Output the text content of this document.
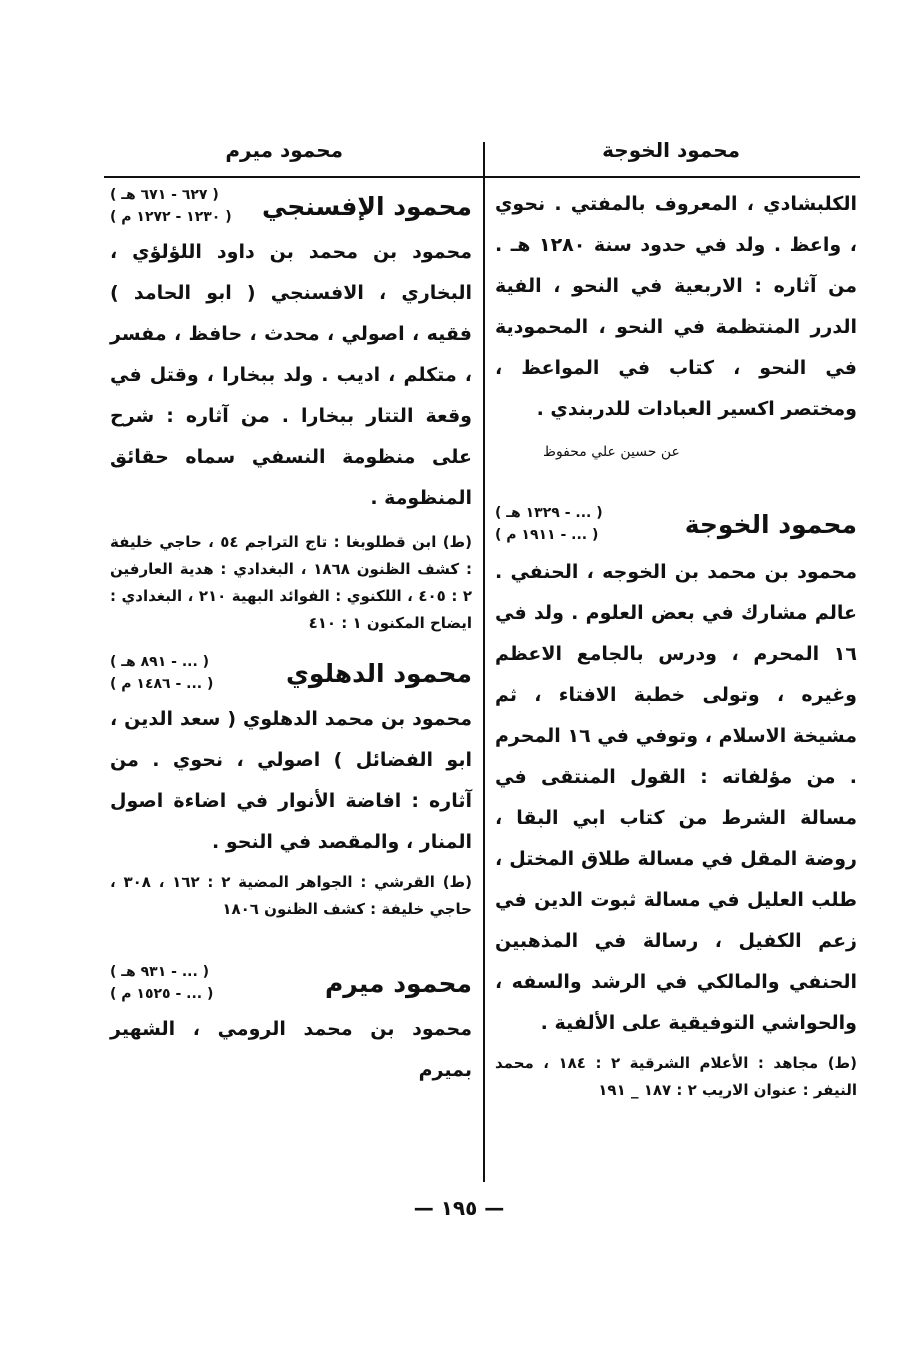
محمود الخوجة
محمود ميرم

الكلبشادي ، المعروف بالمفتي . نحوي ، واعظ . ولد في حدود سنة ١٢٨٠ هـ . من آثاره : الاربعية في النحو ، الفية الدرر المنتظمة في النحو ، المحمودية في النحو ، كتاب في المواعظ ، ومختصر اكسير العبادات للدربندي .

عن حسين علي محفوظ

محمود الخوجة
( ... - ١٣٢٩ هـ )
( ... - ١٩١١ م )

محمود بن محمد بن الخوجه ، الحنفي . عالم مشارك في بعض العلوم . ولد في ١٦ المحرم ، ودرس بالجامع الاعظم وغيره ، وتولى خطبة الافتاء ، ثم مشيخة الاسلام ، وتوفي في ١٦ المحرم . من مؤلفاته : القول المنتقى في مسالة الشرط من كتاب ابي البقا ، روضة المقل في مسالة طلاق المختل ، طلب العليل في مسالة ثبوت الدين في زعم الكفيل ، رسالة في المذهبين الحنفي والمالكي في الرشد والسفه ، والحواشي التوفيقية على الألفية .

(ط) مجاهد : الأعلام الشرقية ٢ : ١٨٤ ، محمد النيفر : عنوان الاريب ٢ : ١٨٧ _ ١٩١

محمود الإفسنجي
( ٦٢٧ - ٦٧١ هـ )
( ١٢٣٠ - ١٢٧٢ م )

محمود بن محمد بن داود اللؤلؤي ، البخاري ، الافسنجي ( ابو الحامد ) فقيه ، اصولي ، محدث ، حافظ ، مفسر ، متكلم ، اديب . ولد ببخارا ، وقتل في وقعة التتار ببخارا . من آثاره : شرح على منظومة النسفي سماه حقائق المنظومة .

(ط) ابن قطلوبغا : تاج التراجم ٥٤ ، حاجي خليفة : كشف الظنون ١٨٦٨ ، البغدادي : هدية العارفين ٢ : ٤٠٥ ، اللكنوي : الفوائد البهية ٢١٠ ، البغدادي : ايضاح المكنون ١ : ٤١٠

محمود الدهلوي
( ... - ٨٩١ هـ )
( ... - ١٤٨٦ م )

محمود بن محمد الدهلوي ( سعد الدين ، ابو الفضائل ) اصولي ، نحوي . من آثاره : افاضة الأنوار في اضاءة اصول المنار ، والمقصد في النحو .

(ط) القرشي : الجواهر المضية ٢ : ١٦٢ ، ٣٠٨ ، حاجي خليفة : كشف الظنون ١٨٠٦

محمود ميرم
( ... - ٩٣١ هـ )
( ... - ١٥٢٥ م )

محمود بن محمد الرومي ، الشهير بميرم

— ١٩٥ —
